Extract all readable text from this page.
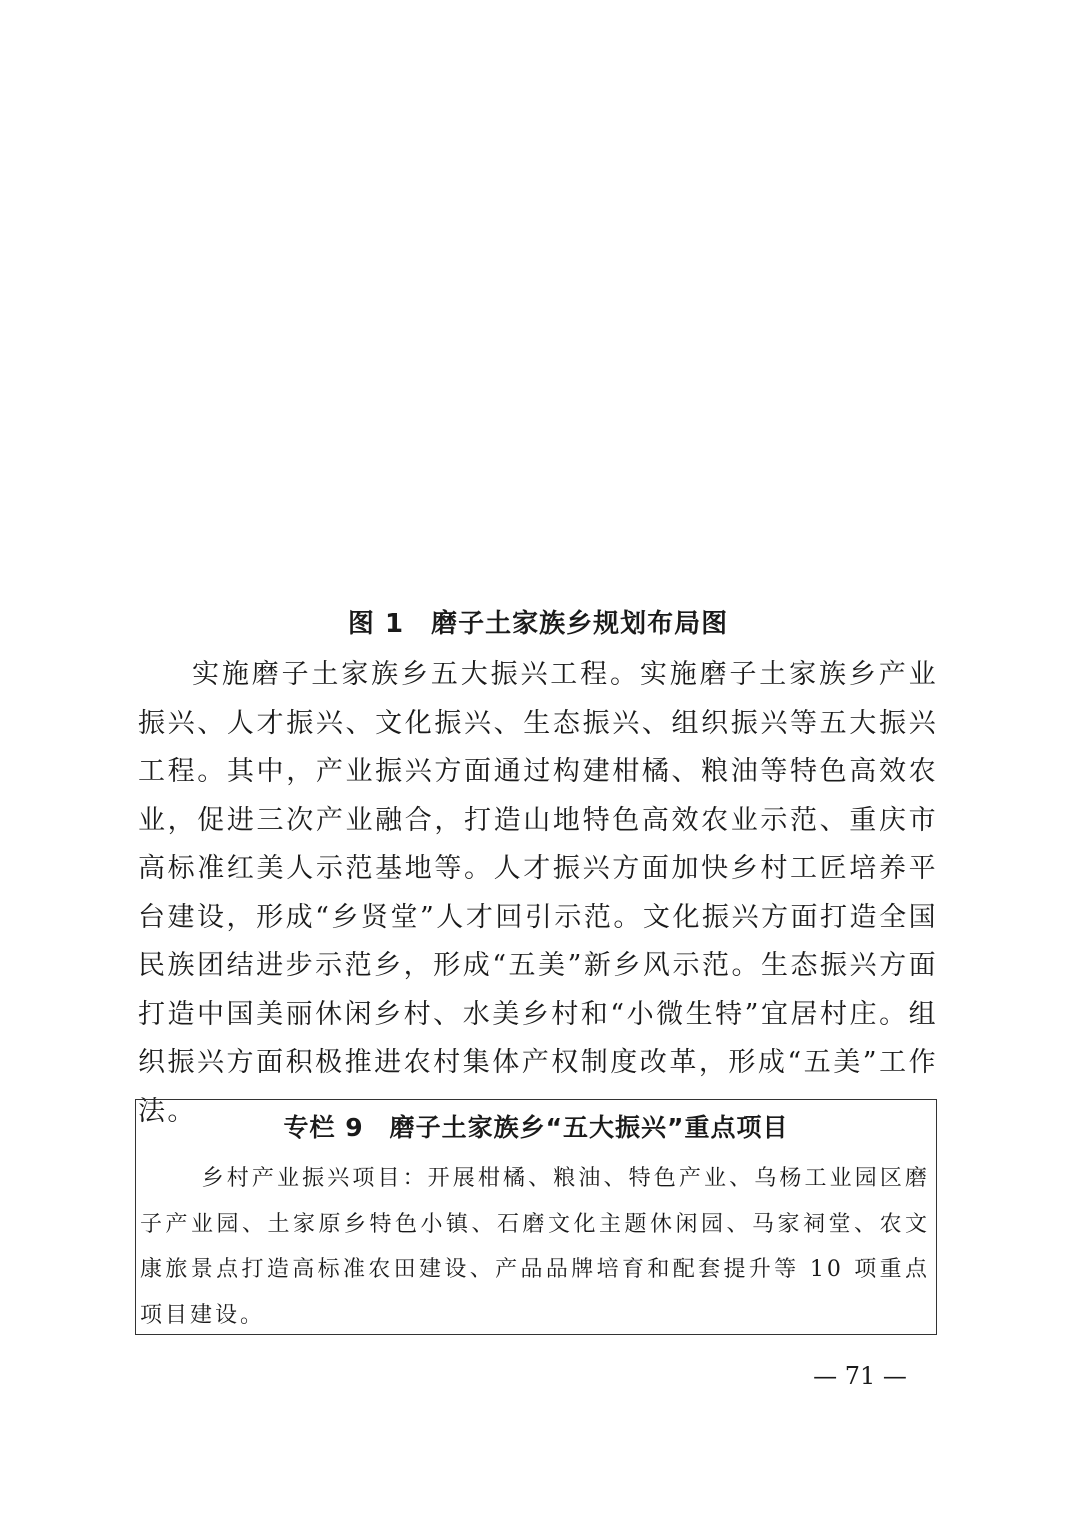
图 1　磨子土家族乡规划布局图

实施磨子土家族乡五大振兴工程。实施磨子土家族乡产业振兴、人才振兴、文化振兴、生态振兴、组织振兴等五大振兴工程。其中，产业振兴方面通过构建柑橘、粮油等特色高效农业，促进三次产业融合，打造山地特色高效农业示范、重庆市高标准红美人示范基地等。人才振兴方面加快乡村工匠培养平台建设，形成“乡贤堂”人才回引示范。文化振兴方面打造全国民族团结进步示范乡，形成“五美”新乡风示范。生态振兴方面打造中国美丽休闲乡村、水美乡村和“小微生特”宜居村庄。组织振兴方面积极推进农村集体产权制度改革，形成“五美”工作法。

专栏 9　磨子土家族乡“五大振兴”重点项目

乡村产业振兴项目：开展柑橘、粮油、特色产业、乌杨工业园区磨子产业园、土家原乡特色小镇、石磨文化主题休闲园、马家祠堂、农文康旅景点打造高标准农田建设、产品品牌培育和配套提升等 10 项重点项目建设。

— 71 —
